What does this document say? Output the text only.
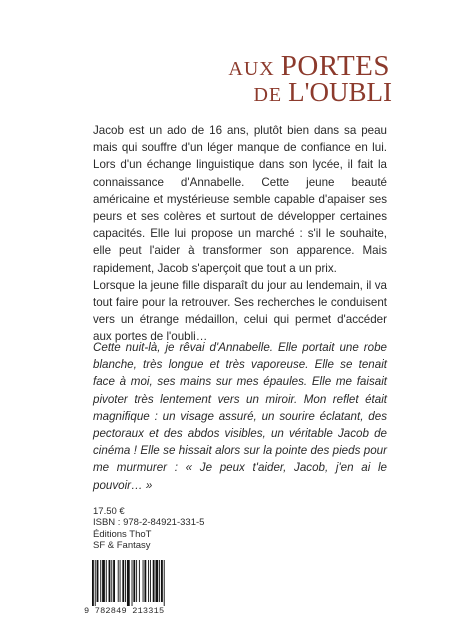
AUX PORTES
DE L'OUBLI

Jacob est un ado de 16 ans, plutôt bien dans sa peau mais qui souffre d'un léger manque de confiance en lui. Lors d'un échange linguistique dans son lycée, il fait la connaissance d'Annabelle. Cette jeune beauté américaine et mystérieuse semble capable d'apaiser ses peurs et ses colères et surtout de développer certaines capacités. Elle lui propose un marché : s'il le souhaite, elle peut l'aider à transformer son apparence. Mais rapidement, Jacob s'aperçoit que tout a un prix.

Lorsque la jeune fille disparaît du jour au lendemain, il va tout faire pour la retrouver. Ses recherches le conduisent vers un étrange médaillon, celui qui permet d'accéder aux portes de l'oubli…

Cette nuit-là, je rêvai d'Annabelle. Elle portait une robe blanche, très longue et très vaporeuse. Elle se tenait face à moi, ses mains sur mes épaules. Elle me faisait pivoter très lentement vers un miroir. Mon reflet était magnifique : un visage assuré, un sourire éclatant, des pectoraux et des abdos visibles, un véritable Jacob de cinéma ! Elle se hissait alors sur la pointe des pieds pour me murmurer : « Je peux t'aider, Jacob, j'en ai le pouvoir… »

17.50 €
ISBN : 978-2-84921-331-5
Éditions ThoT
SF & Fantasy
9 782849 213315
